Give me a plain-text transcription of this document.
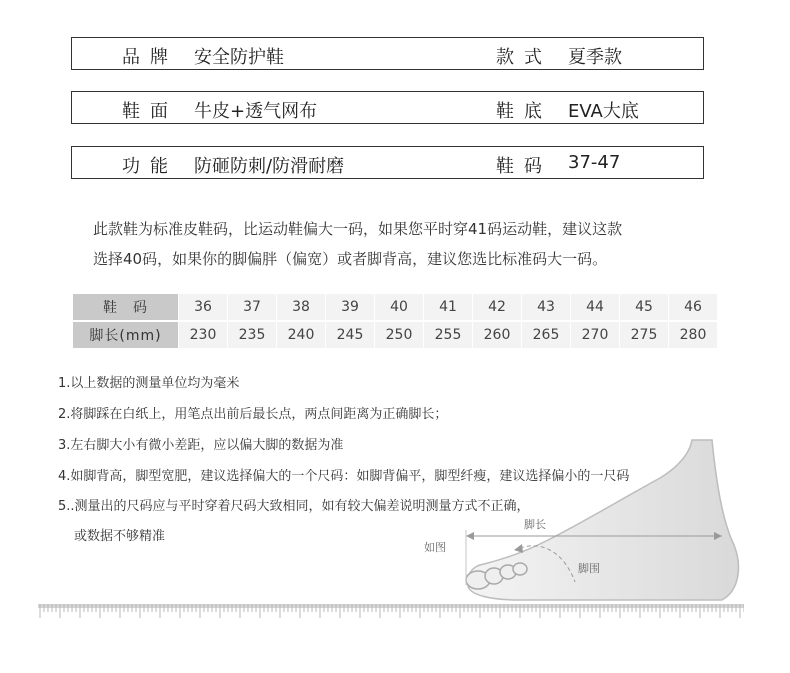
品牌 安全防护鞋	款式 夏季款
鞋面 牛皮+透气网布	鞋底 EVA大底
功能 防砸防刺/防滑耐磨	鞋码 37-47
此款鞋为标准皮鞋码，比运动鞋偏大一码，如果您平时穿41码运动鞋，建议这款
选择40码，如果你的脚偏胖（偏宽）或者脚背高，建议您选比标准码大一码。
鞋　码	36	37	38	39	40	41	42	43	44	45	46
脚长(mm)	230	235	240	245	250	255	260	265	270	275	280
脚长
脚围
如图
1.以上数据的测量单位均为毫米
2.将脚踩在白纸上，用笔点出前后最长点，两点间距离为正确脚长；
3.左右脚大小有微小差距，应以偏大脚的数据为准
4.如脚背高，脚型宽肥，建议选择偏大的一个尺码：如脚背偏平，脚型纤瘦，建议选择偏小的一尺码
5..测量出的尺码应与平时穿着尺码大致相同，如有较大偏差说明测量方式不正确，
或数据不够精准
